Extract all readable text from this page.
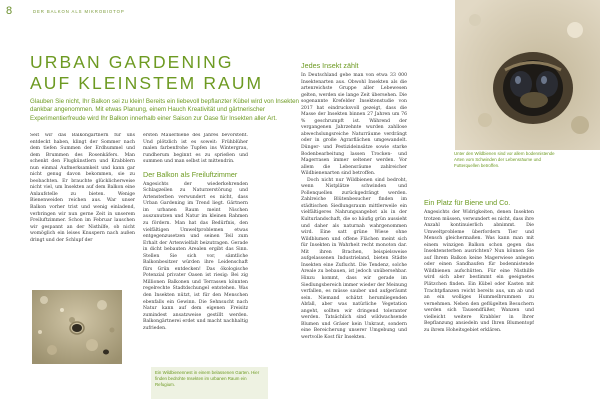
8	DER BALKON ALS MIKROBIOTOP
URBAN GARDENING
AUF KLEINSTEM RAUM
Glauben Sie nicht, Ihr Balkon sei zu klein! Bereits ein liebevoll bepflanzter Kübel wird von Insekten dankbar angenommen. Mit etwas Planung, einem Hauch Kreativität und gärtnerischer Experimentierfreude wird Ihr Balkon innerhalb einer Saison zur Oase für Insekten aller Art.

Seit wir das Balkongärtnern für uns entdeckt haben, klingt der Sommer nach dem tiefen Summen der Erdhummel und dem Brummen des Rosenkäfers. Man schenkt den Flugkünstlern und Krabblern nun einmal Aufmerksamkeit und kann gar nicht genug davon bekommen, sie zu beobachten. Er brauchte glücklicherweise nicht viel, um Insekten auf dem Balkon eine Anlaufstelle zu bieten. Wenige Bienenweiden reichen aus. War unser Balkon vorher trist und wenig einladend, verbringen wir nun gerne Zeit in unserem Freiluftzimmer. Schon im Februar lauschen wir gespannt an der Nisthilfe, ob nicht womöglich ein leises Knuspern nach außen dringt und der Schlupf der

ersten Mauerbiene des Jahres bevorsteht. Und plötzlich ist es soweit: Frühblüher malen farbenfrohe Tupfen ins Wintergrau, rundherum beginnt es zu sprießen und summen und man selbst ist mittendrin.

Der Balkon als Freiluftzimmer

Angesichts der wiederkehrenden Schlagzeilen zu Naturzerstörung und Artensterben verwundert es nicht, dass Urban Gardening im Trend liegt. Gärtnern im urbanen Raum meint Nischen auszunutzen und Natur im kleinen Rahmen zu fördern. Man hat das Bedürfnis, den vielfältigen Umweltproblemen etwas entgegenzusetzen und seinen Teil zum Erhalt der Artenvielfalt beizutragen. Gerade in dicht bebauten Arealen ergibt das Sinn. Stellen Sie sich vor, sämtliche Balkonbesitzer würden ihre Leidenschaft fürs Grün entdecken! Das ökologische Potenzial privater Oasen ist riesig: Bei zig Millionen Balkonen und Terrassen könnten regelrechte Stadtdschungel entstehen. Was den Insekten nützt, ist für den Menschen ebenfalls ein Gewinn. Die Sehnsucht nach Natur kann auf dem eigenen Freisitz zumindest ansatzweise gestillt werden. Balkongärtnerei erdet und macht nachhaltig zufrieden.

Jedes Insekt zählt

In Deutschland gebe man von etwa 33 000 Insektenarten aus. Obwohl Insekten als die artenreichste Gruppe aller Lebewesen gelten, werden sie lange Zeit übersehen. Die sogenannte Krefelder Insektenstudie von 2017 hat eindrucksvoll gezeigt, dass die Masse der Insekten binnen 27 Jahren um 76 % geschrumpft ist. Während der vergangenen Jahrzehnte wurden zahllose abwechslungsreiche Naturräume verdrängt oder in große Agrarflächen umgewandelt. Dünger- und Pestizideinsätze sowie starke Bodenbearbeitung lassen Trocken- und Magerrasen immer seltener werden. Vor allem die Lebensräume zahlreicher Wildbienenarten sind betroffen.

Doch nicht nur Wildbienen sind bedroht, wenn Nistplätze schwinden und Pollenquellen zurückgedrängt werden. Zahlreiche Blütenbesucher finden im städtischen Siedlungsraum mittlerweile ein vielfältigeres Nahrungsangebot als in der Kulturlandschaft, die so häufig grün aussieht und daher als naturnah wahrgenommen wird. Eine satt grüne Wiese ohne Wildblumen und offene Flächen meint sich für Insekten in Wahrheit recht monoton dar. Mit ihren Brachen, beispielsweise aufgelassenen Industrieland, bieten Städte Insekten eine Zuflucht. Die Tendenz, solche Areale zu bebauen, ist jedoch unübersehbar. Hinzu kommt, dass wir gerade im Siedlungsbereich immer wieder der Meinung verfallen, es müsse sauber und aufgeräumt sein. Niemand schätzt herumliegenden Abfall, aber was natürliche Vegetation angeht, sollten wir dringend toleranter werden. Tatsächlich sind wildwachsende Blumen und Gräser kein Unkraut, sondern eine Bereicherung unserer Umgebung und wertvolle Kost für Insekten.

Ein Platz für Biene und Co.

Angesichts der Widrigkeiten, denen Insekten trotzen müssen, verwundert es nicht, dass ihre Anzahl kontinuierlich abnimmt. Die Umweltprobleme überfordern Tier und Mensch gleichermaßen. Was kann man mit einem winzigen Balkon schon gegen das Insektensterben ausrichten? Nun können Sie auf Ihrem Balkon keine Magerwiese anlegen oder einen Sandhaufen für bodennistende Wildbienen aufschütten. Für eine Nisthilfe wird sich aber bestimmt ein geeignetes Plätzchen finden. Ein Kübel oder Kasten mit Trachtpflanzen reicht bereits aus, um ab und an ein wolliges Hummelbrummen zu vernehmen. Neben den geflügelten Besuchern werden sich Tausendfüßer, Wanzen und vielleicht weitere Krabbler in Ihrer Bepflanzung ansiedeln und Ihren Blumentopf zu ihrem Hoheitsgebiet erklären.

Ein Wildbienennest in einem belassenen Garten. Hier finden bedrohte Insekten im urbanen Raum ein Refugium.
Unter den Wildbienen sind vor allem bodennistende Arten vom Schwinden der Lebensräume und Futterquellen betroffen.
